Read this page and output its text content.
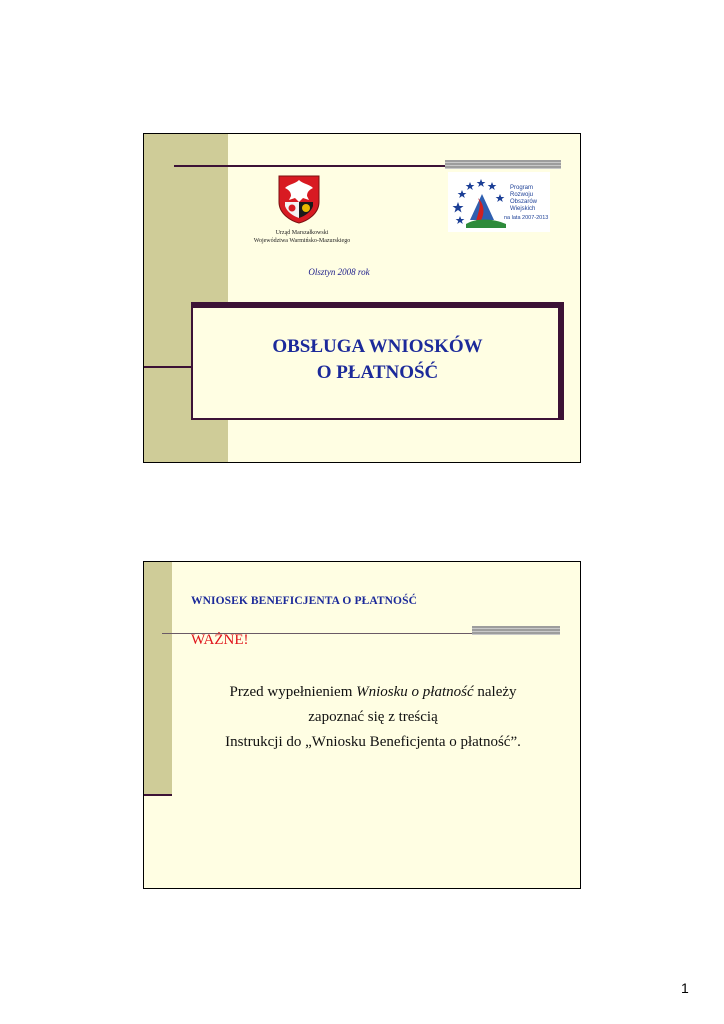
Urząd Marszałkowski
Województwa Warmińsko-Mazurskiego
Program
Rozwoju
Obszarów
Wiejskich
na lata 2007-2013
Olsztyn 2008 rok
OBSŁUGA WNIOSKÓW
O PŁATNOŚĆ
WNIOSEK BENEFICJENTA O PŁATNOŚĆ
WAŻNE!
Przed wypełnieniem Wniosku o płatność należy
zapoznać się z treścią
Instrukcji do „Wniosku Beneficjenta o płatność”.
1
